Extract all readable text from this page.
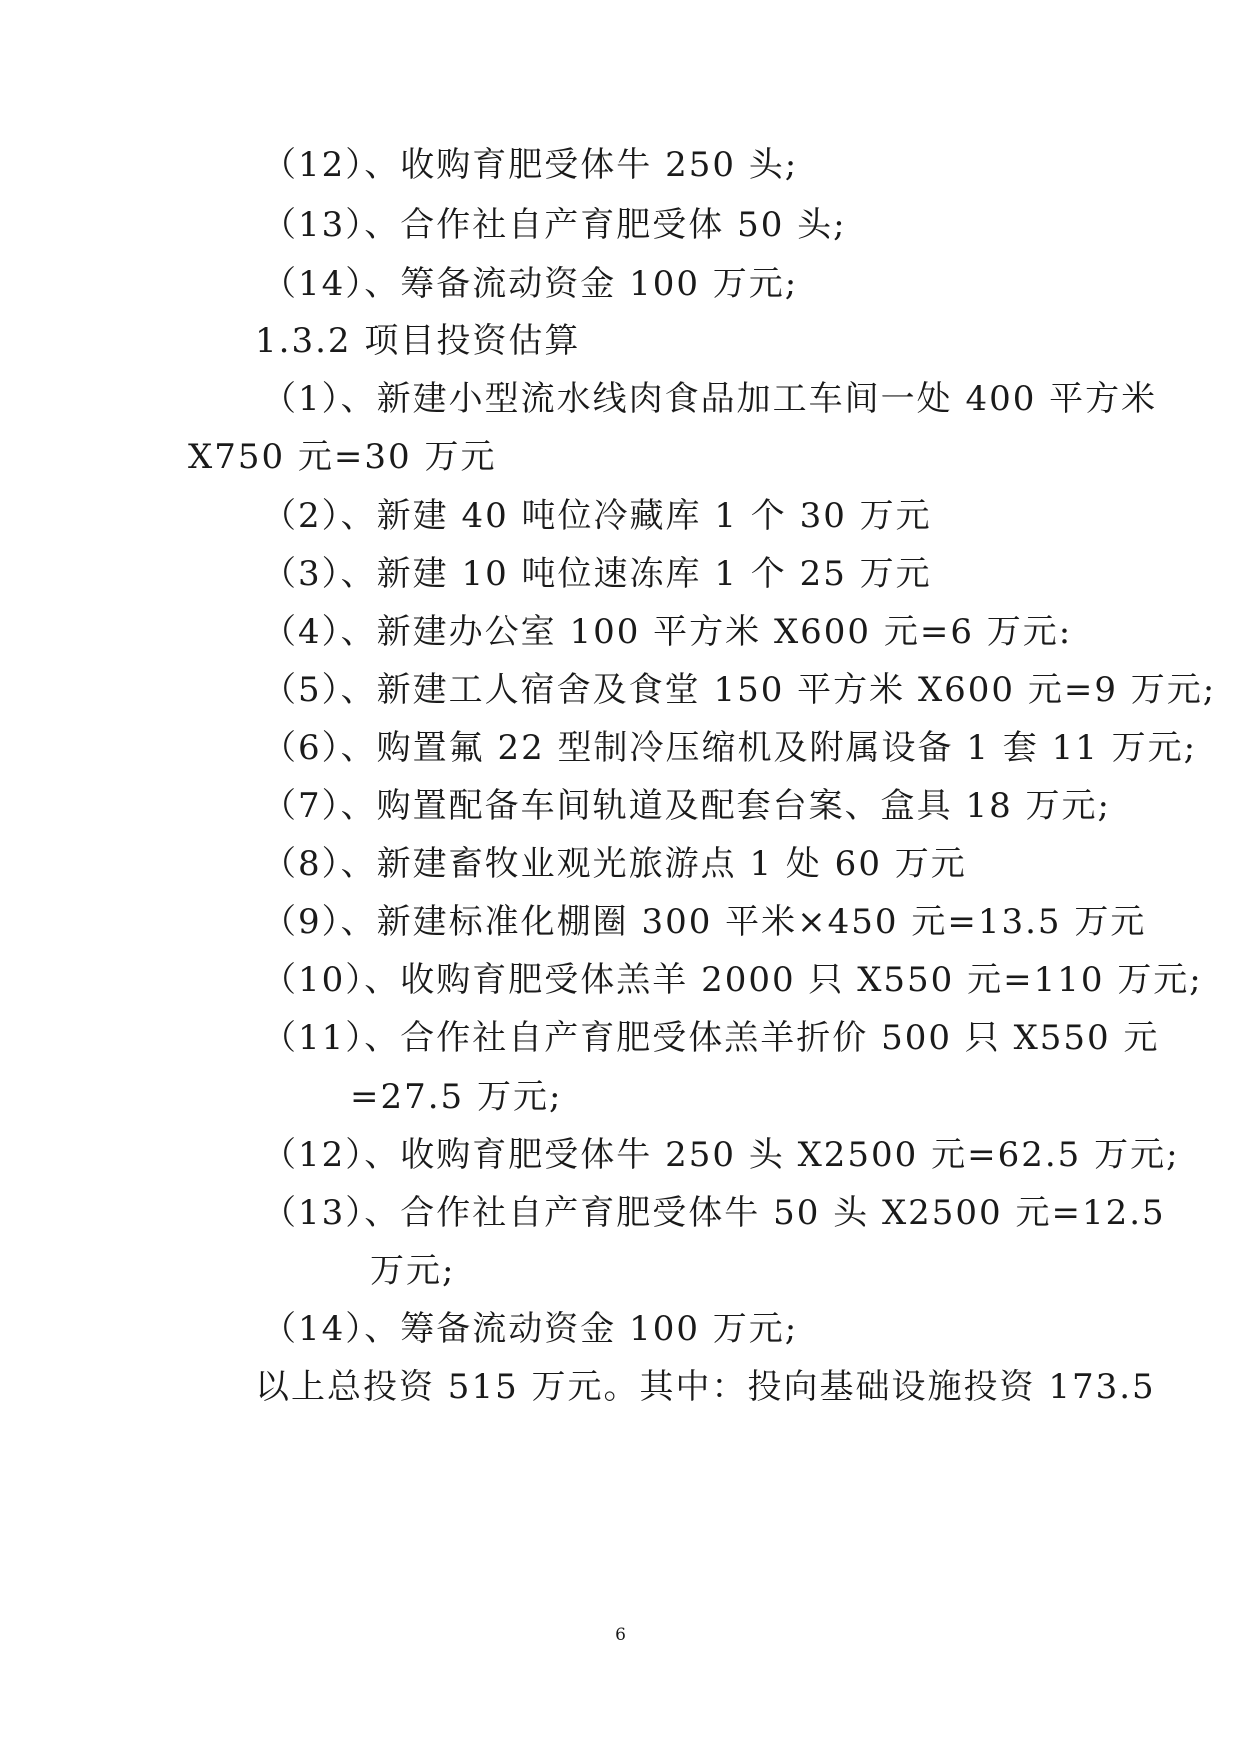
（12）、收购育肥受体牛 250 头;
（13）、合作社自产育肥受体 50 头;
（14）、筹备流动资金 100 万元;
1.3.2 项目投资估算
（1）、新建小型流水线肉食品加工车间一处 400 平方米
X750 元=30 万元
（2）、新建 40 吨位冷藏库 1 个 30 万元
（3）、新建 10 吨位速冻库 1 个 25 万元
（4）、新建办公室 100 平方米 X600 元=6 万元:
（5）、新建工人宿舍及食堂 150 平方米 X600 元=9 万元;
（6）、购置氟 22 型制冷压缩机及附属设备 1 套 11 万元;
（7）、购置配备车间轨道及配套台案、盒具 18 万元;
（8）、新建畜牧业观光旅游点 1 处 60 万元
（9）、新建标准化棚圈 300 平米×450 元=13.5 万元
（10）、收购育肥受体羔羊 2000 只 X550 元=110 万元;
（11）、合作社自产育肥受体羔羊折价 500 只 X550 元
=27.5 万元;
（12）、收购育肥受体牛 250 头 X2500 元=62.5 万元;
（13）、合作社自产育肥受体牛 50 头 X2500 元=12.5
万元;
（14）、筹备流动资金 100 万元;
以上总投资 515 万元。其中：投向基础设施投资 173.5
6
